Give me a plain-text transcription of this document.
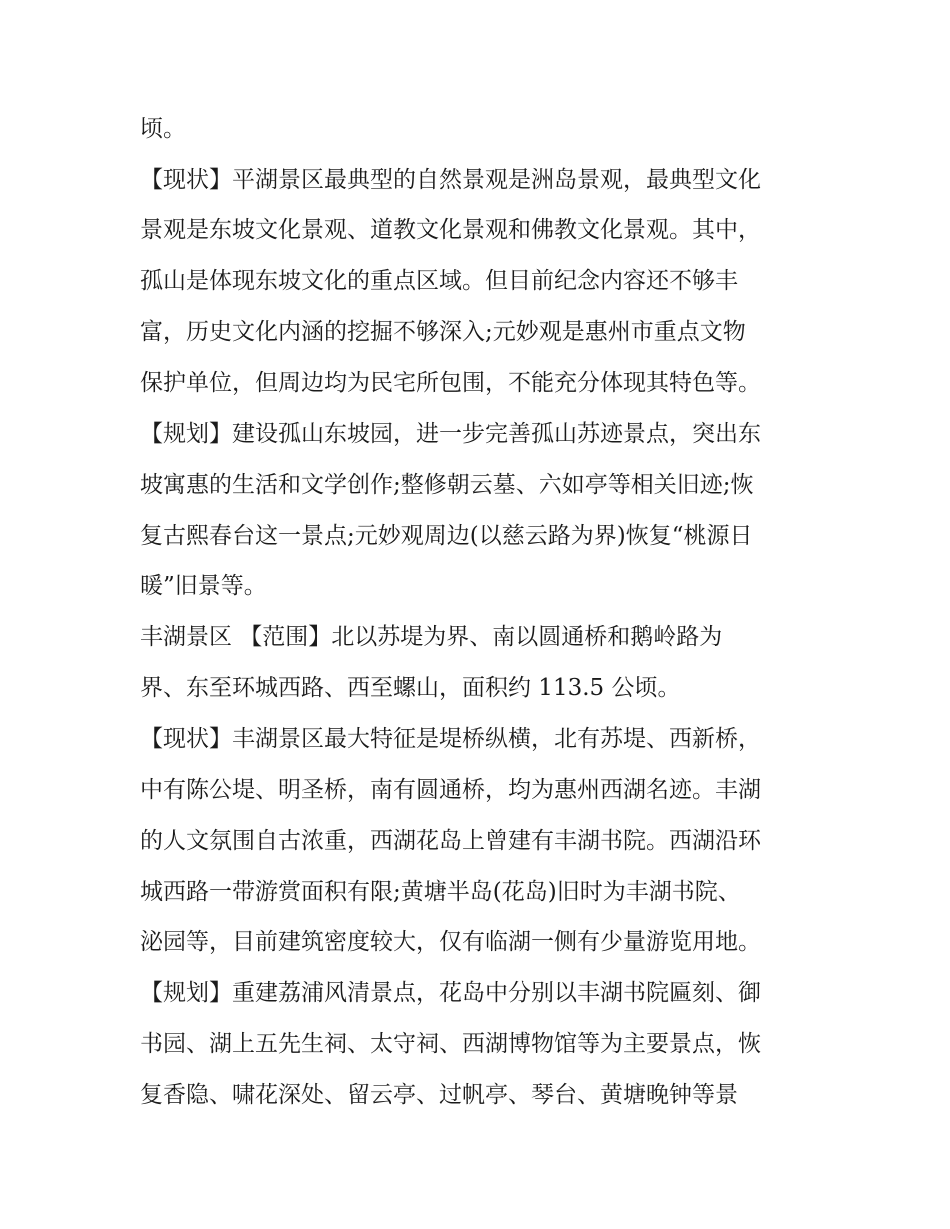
顷。
【现状】平湖景区最典型的自然景观是洲岛景观，最典型文化
景观是东坡文化景观、道教文化景观和佛教文化景观。其中，
孤山是体现东坡文化的重点区域。但目前纪念内容还不够丰
富，历史文化内涵的挖掘不够深入;元妙观是惠州市重点文物
保护单位，但周边均为民宅所包围，不能充分体现其特色等。
【规划】建设孤山东坡园，进一步完善孤山苏迹景点，突出东
坡寓惠的生活和文学创作;整修朝云墓、六如亭等相关旧迹;恢
复古熙春台这一景点;元妙观周边(以慈云路为界)恢复“桃源日
暖”旧景等。
丰湖景区 【范围】北以苏堤为界、南以圆通桥和鹅岭路为
界、东至环城西路、西至螺山，面积约 113.5 公顷。
【现状】丰湖景区最大特征是堤桥纵横，北有苏堤、西新桥，
中有陈公堤、明圣桥，南有圆通桥，均为惠州西湖名迹。丰湖
的人文氛围自古浓重，西湖花岛上曾建有丰湖书院。西湖沿环
城西路一带游赏面积有限;黄塘半岛(花岛)旧时为丰湖书院、
泌园等，目前建筑密度较大，仅有临湖一侧有少量游览用地。
【规划】重建荔浦风清景点，花岛中分别以丰湖书院匾刻、御
书园、湖上五先生祠、太守祠、西湖博物馆等为主要景点，恢
复香隐、啸花深处、留云亭、过帆亭、琴台、黄塘晚钟等景
